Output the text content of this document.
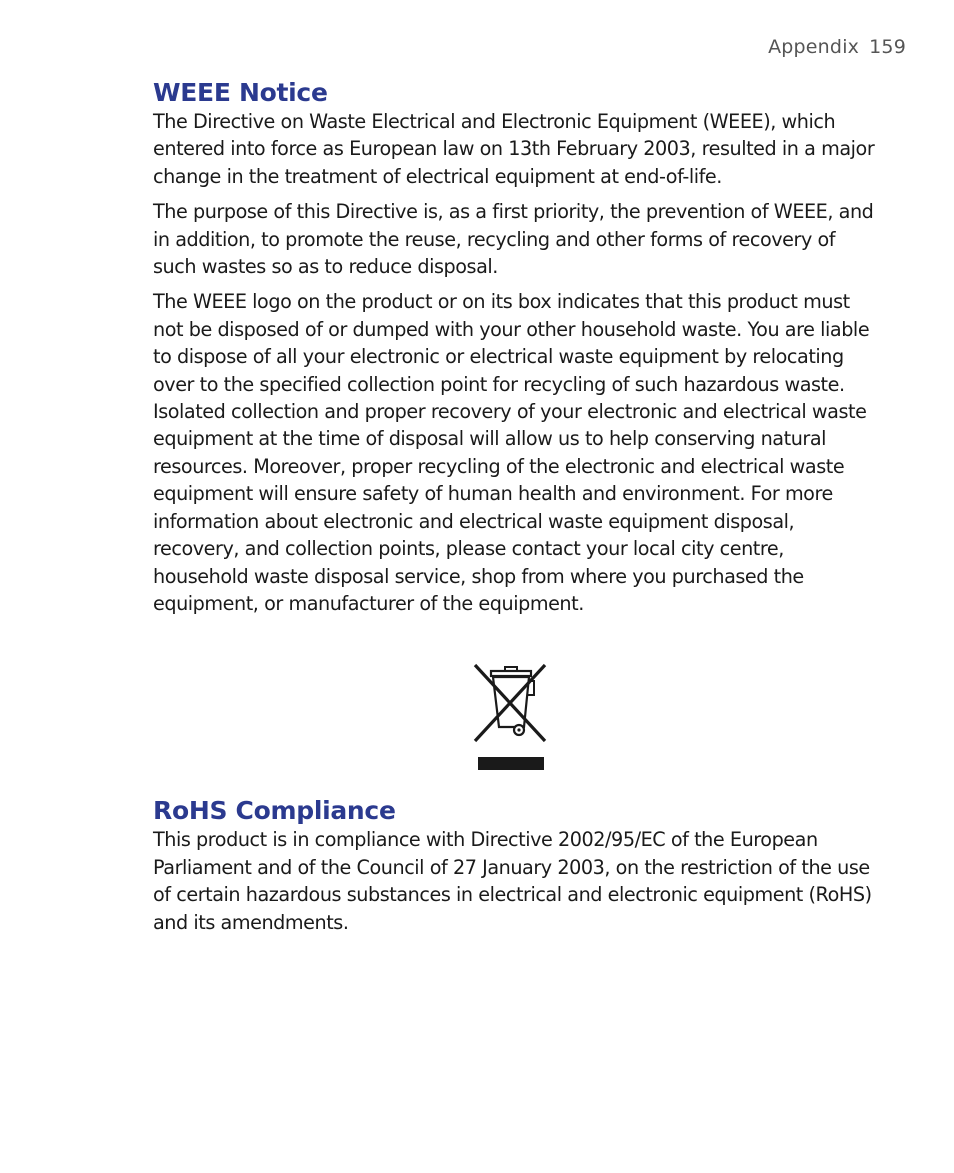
Appendix 159
WEEE Notice

The Directive on Waste Electrical and Electronic Equipment (WEEE), which entered into force as European law on 13th February 2003, resulted in a major change in the treatment of electrical equipment at end-of-life.

The purpose of this Directive is, as a first priority, the prevention of WEEE, and in addition, to promote the reuse, recycling and other forms of recovery of such wastes so as to reduce disposal.

The WEEE logo on the product or on its box indicates that this product must not be disposed of or dumped with your other household waste. You are liable to dispose of all your electronic or electrical waste equipment by relocating over to the specified collection point for recycling of such hazardous waste. Isolated collection and proper recovery of your electronic and electrical waste equipment at the time of disposal will allow us to help conserving natural resources. Moreover, proper recycling of the electronic and electrical waste equipment will ensure safety of human health and environment. For more information about electronic and electrical waste equipment disposal, recovery, and collection points, please contact your local city centre, household waste disposal service, shop from where you purchased the equipment, or manufacturer of the equipment.

RoHS Compliance

This product is in compliance with Directive 2002/95/EC of the European Parliament and of the Council of 27 January 2003, on the restriction of the use of certain hazardous substances in electrical and electronic equipment (RoHS) and its amendments.
